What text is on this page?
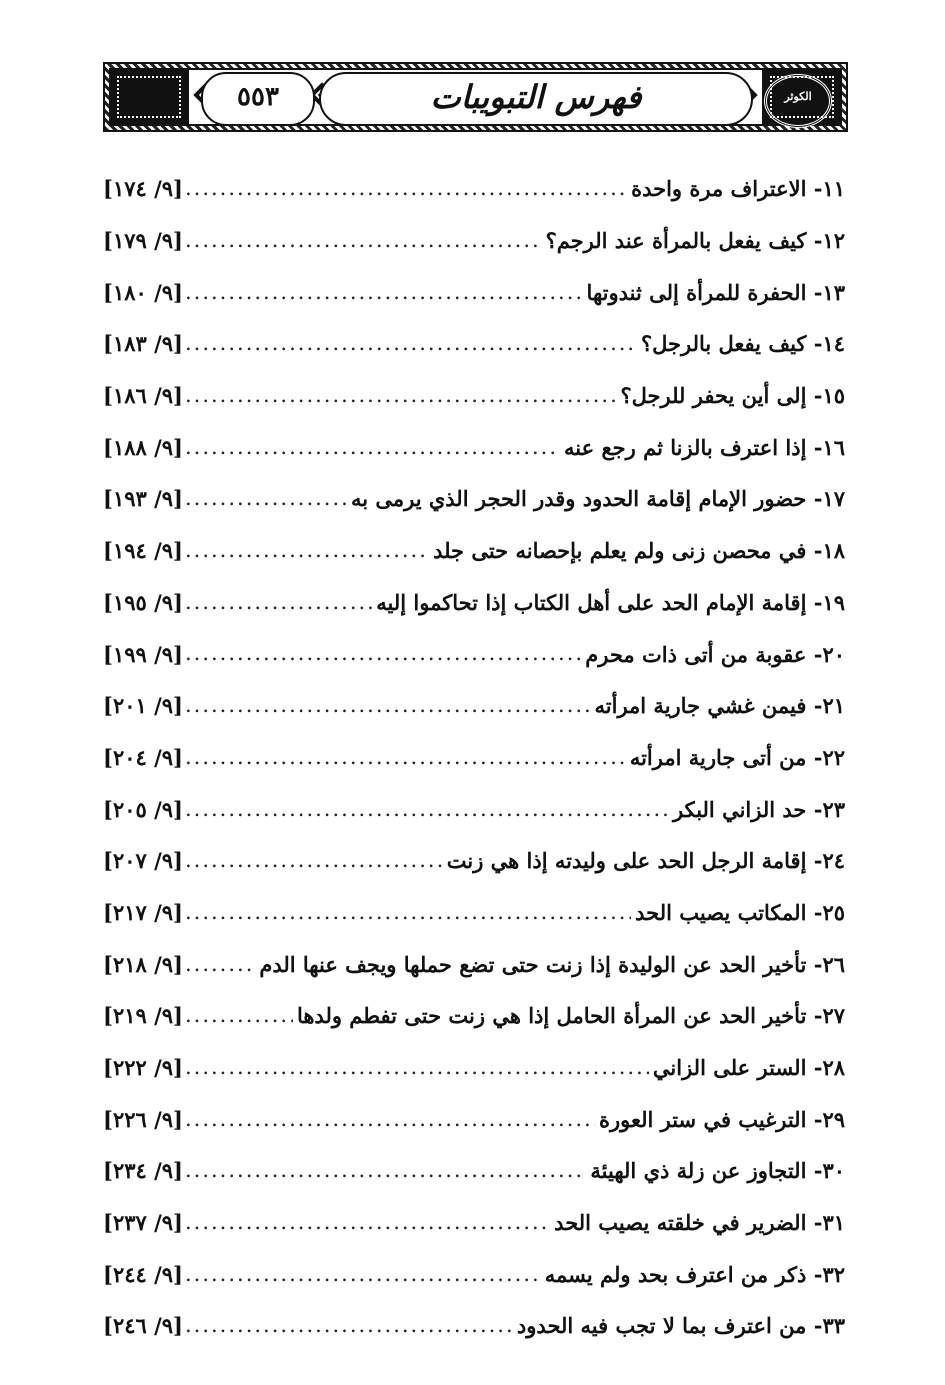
الكوثر
٥٥٣	فهرس التبويبات
١١- الاعتراف مرة واحدة
.....
[٩/ ١٧٤]
١٢- كيف يفعل بالمرأة عند الرجم؟
.....
[٩/ ١٧٩]
١٣- الحفرة للمرأة إلى ثندوتها
.....
[٩/ ١٨٠]
١٤- كيف يفعل بالرجل؟
.....
[٩/ ١٨٣]
١٥- إلى أين يحفر للرجل؟
.....
[٩/ ١٨٦]
١٦- إذا اعترف بالزنا ثم رجع عنه
.....
[٩/ ١٨٨]
١٧- حضور الإمام إقامة الحدود وقدر الحجر الذي يرمى به
.....
[٩/ ١٩٣]
١٨- في محصن زنى ولم يعلم بإحصانه حتى جلد
.....
[٩/ ١٩٤]
١٩- إقامة الإمام الحد على أهل الكتاب إذا تحاكموا إليه
.....
[٩/ ١٩٥]
٢٠- عقوبة من أتى ذات محرم
.....
[٩/ ١٩٩]
٢١- فيمن غشي جارية امرأته
.....
[٩/ ٢٠١]
٢٢- من أتى جارية امرأته
.....
[٩/ ٢٠٤]
٢٣- حد الزاني البكر
.....
[٩/ ٢٠٥]
٢٤- إقامة الرجل الحد على وليدته إذا هي زنت
.....
[٩/ ٢٠٧]
٢٥- المكاتب يصيب الحد
.....
[٩/ ٢١٧]
٢٦- تأخير الحد عن الوليدة إذا زنت حتى تضع حملها ويجف عنها الدم
.....
[٩/ ٢١٨]
٢٧- تأخير الحد عن المرأة الحامل إذا هي زنت حتى تفطم ولدها
.....
[٩/ ٢١٩]
٢٨- الستر على الزاني
.....
[٩/ ٢٢٢]
٢٩- الترغيب في ستر العورة
.....
[٩/ ٢٢٦]
٣٠- التجاوز عن زلة ذي الهيئة
.....
[٩/ ٢٣٤]
٣١- الضرير في خلقته يصيب الحد
.....
[٩/ ٢٣٧]
٣٢- ذكر من اعترف بحد ولم يسمه
.....
[٩/ ٢٤٤]
٣٣- من اعترف بما لا تجب فيه الحدود
.....
[٩/ ٢٤٦]
